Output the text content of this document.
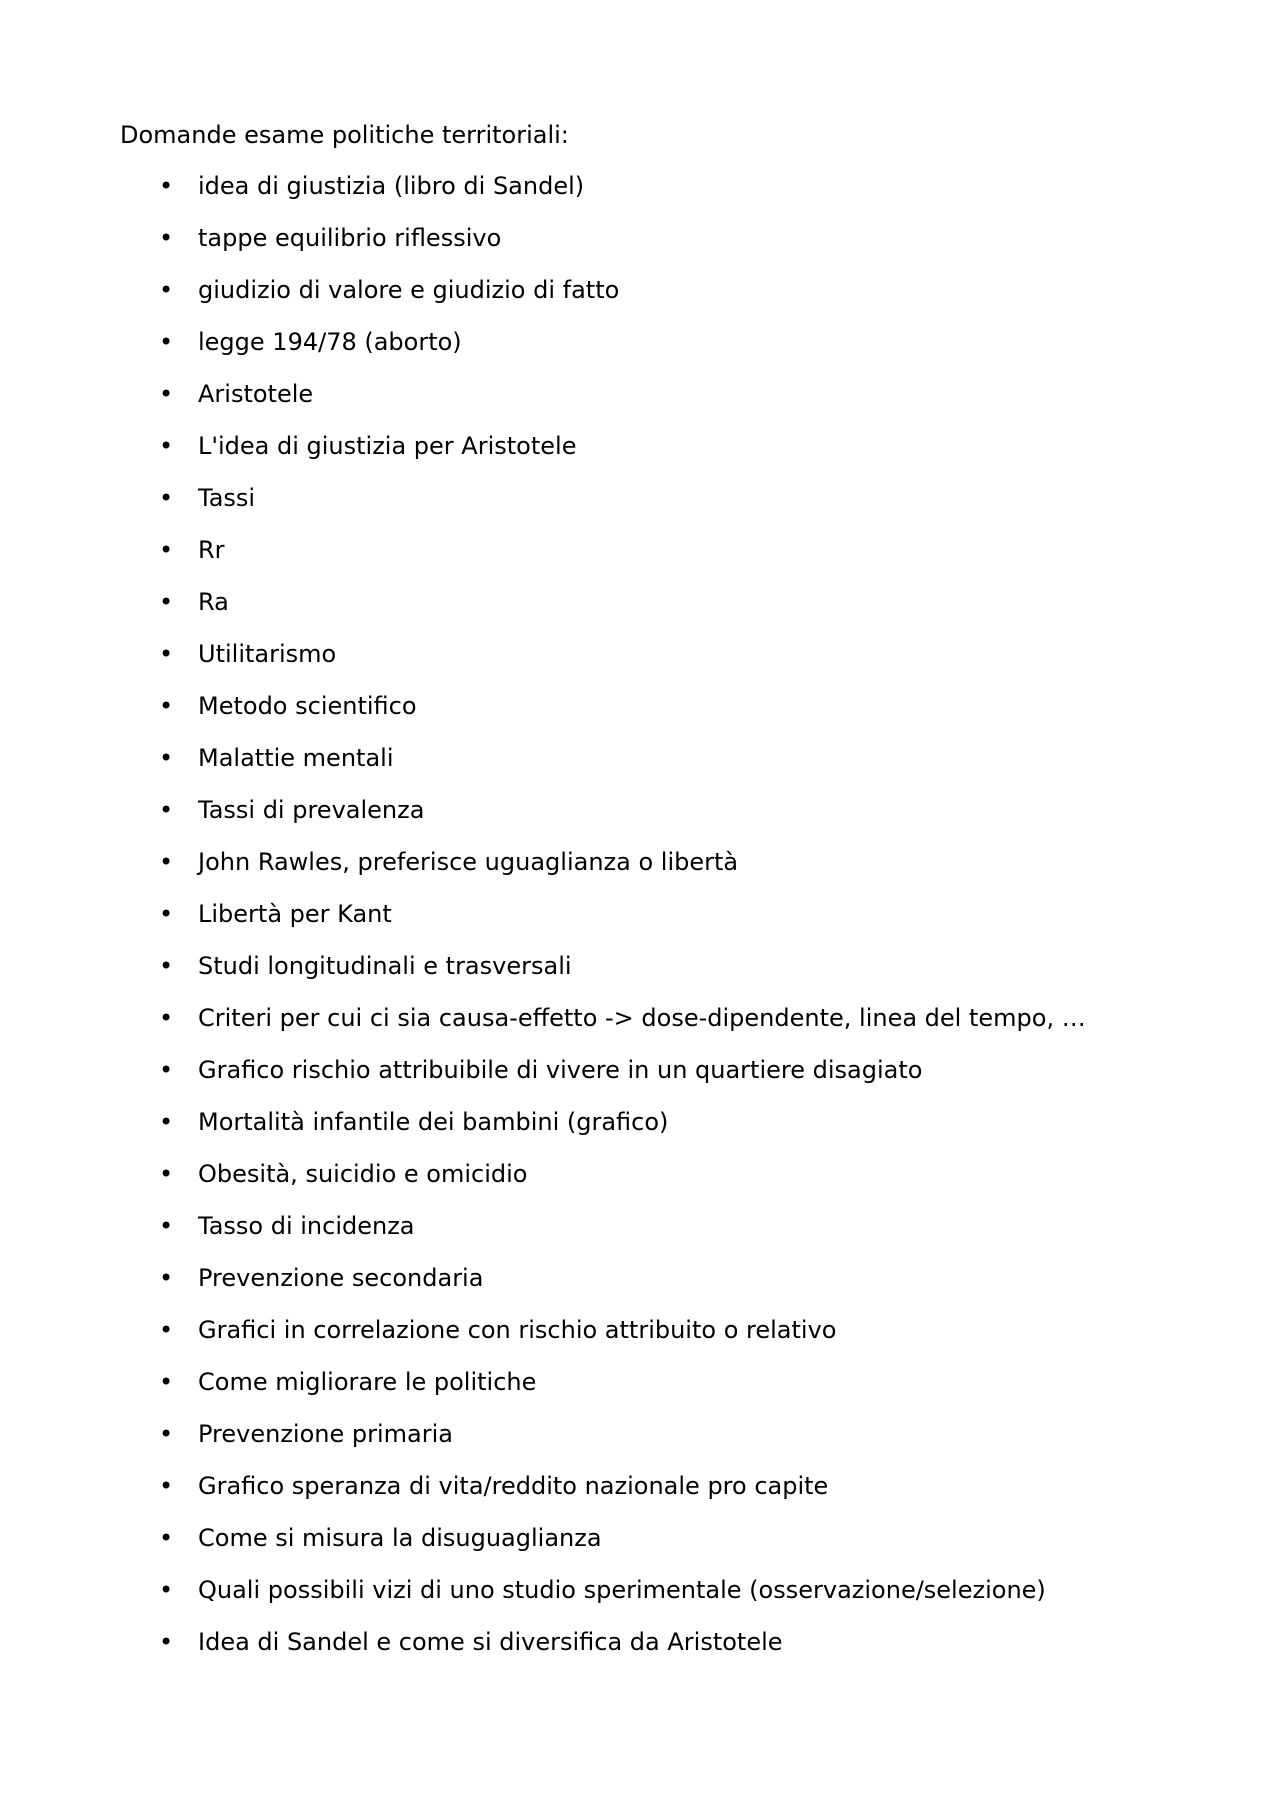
Domande esame politiche territoriali:
• idea di giustizia (libro di Sandel)
• tappe equilibrio riflessivo
• giudizio di valore e giudizio di fatto
• legge 194/78 (aborto)
• Aristotele
• L'idea di giustizia per Aristotele
• Tassi
• Rr
• Ra
• Utilitarismo
• Metodo scientifico
• Malattie mentali
• Tassi di prevalenza
• John Rawles, preferisce uguaglianza o libertà
• Libertà per Kant
• Studi longitudinali e trasversali
• Criteri per cui ci sia causa-effetto -> dose-dipendente, linea del tempo, …
• Grafico rischio attribuibile di vivere in un quartiere disagiato
• Mortalità infantile dei bambini (grafico)
• Obesità, suicidio e omicidio
• Tasso di incidenza
• Prevenzione secondaria
• Grafici in correlazione con rischio attribuito o relativo
• Come migliorare le politiche
• Prevenzione primaria
• Grafico speranza di vita/reddito nazionale pro capite
• Come si misura la disuguaglianza
• Quali possibili vizi di uno studio sperimentale (osservazione/selezione)
• Idea di Sandel e come si diversifica da Aristotele
